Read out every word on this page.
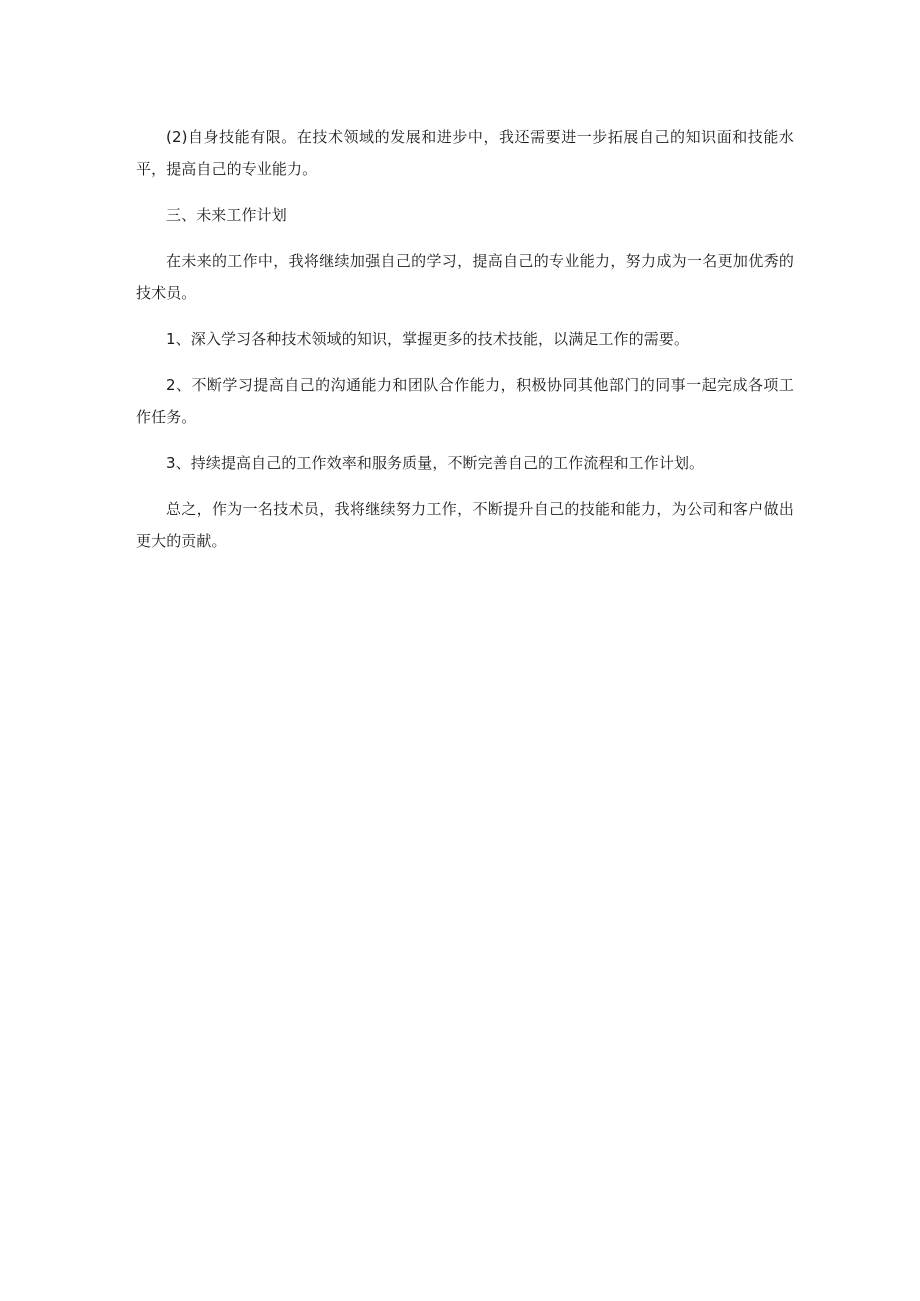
(2)自身技能有限。在技术领域的发展和进步中，我还需要进一步拓展自己的知识面和技能水平，提高自己的专业能力。

三、未来工作计划

在未来的工作中，我将继续加强自己的学习，提高自己的专业能力，努力成为一名更加优秀的技术员。

1、深入学习各种技术领域的知识，掌握更多的技术技能，以满足工作的需要。

2、不断学习提高自己的沟通能力和团队合作能力，积极协同其他部门的同事一起完成各项工作任务。

3、持续提高自己的工作效率和服务质量，不断完善自己的工作流程和工作计划。

总之，作为一名技术员，我将继续努力工作，不断提升自己的技能和能力，为公司和客户做出更大的贡献。
